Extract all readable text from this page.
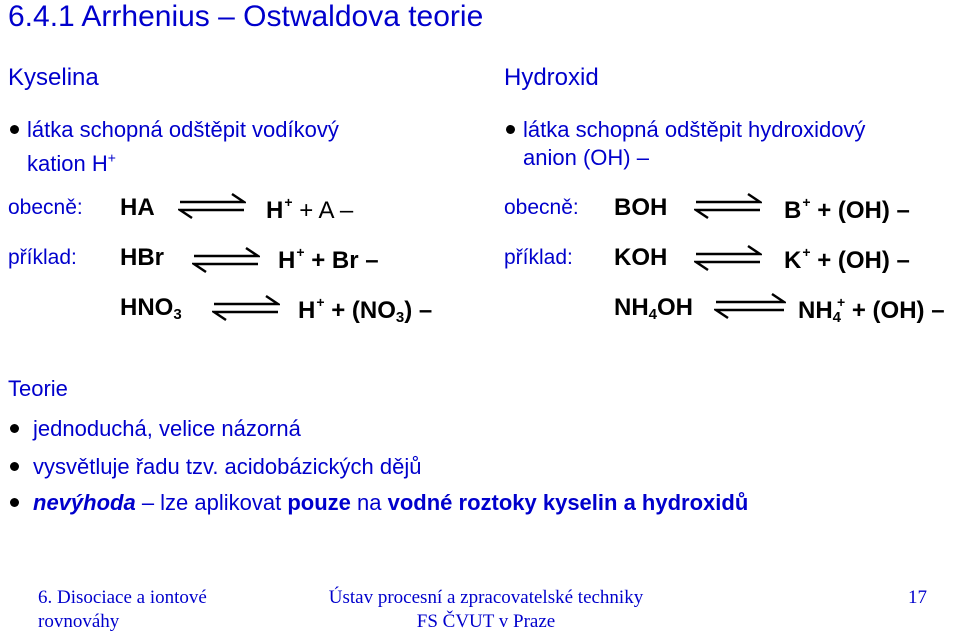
6.4.1 Arrhenius – Ostwaldova teorie
Kyselina
látka schopná odštěpit vodíkový
kation H+
obecně: HA	H+ + A –
příklad: HBr	H+ + Br –
$HNO_3$	$H^+ + (NO_3)$ –
Hydroxid
látka schopná odštěpit hydroxidový
anion (OH) –
obecně: BOH	B+ + (OH) –
příklad: KOH	K+ + (OH) –
$NH_4OH$	$NH_4^+ + (OH)$ –
Teorie
jednoduchá, velice názorná
vysvětluje řadu tzv. acidobázických dějů
nevýhoda – lze aplikovat pouze na vodné roztoky kyselin a hydroxidů
6. Disociace a iontové
rovnováhy
Ústav procesní a zpracovatelské techniky
FS ČVUT v Praze
17
